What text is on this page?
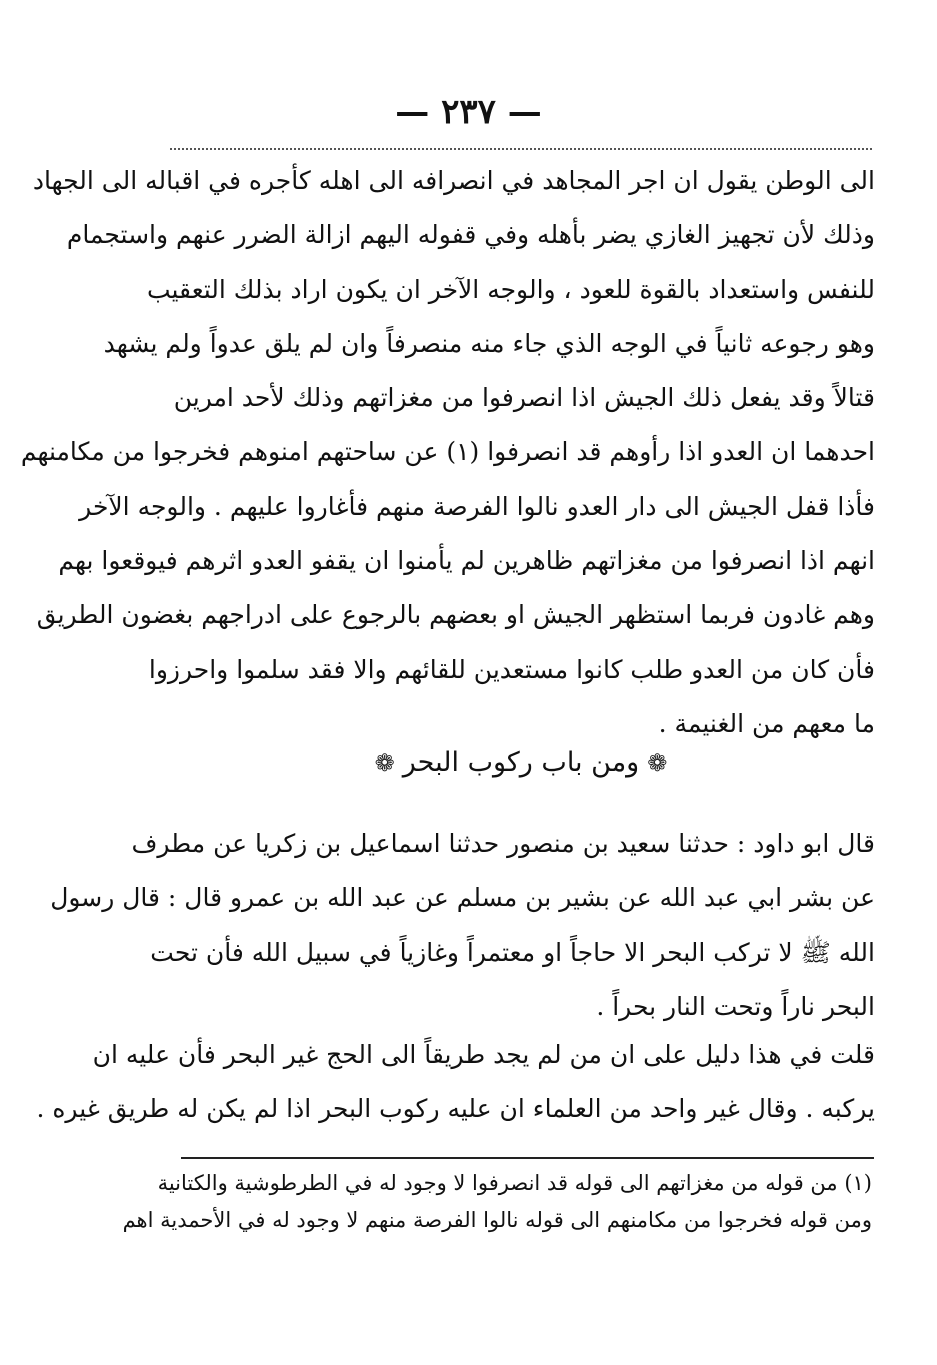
— ٢٣٧ —
الى الوطن يقول ان اجر المجاهد في انصرافه الى اهله كأجره في اقباله الى الجهاد
وذلك لأن تجهيز الغازي يضر بأهله وفي قفوله اليهم ازالة الضرر عنهم واستجمام
للنفس واستعداد بالقوة للعود ، والوجه الآخر ان يكون اراد بذلك التعقيب
وهو رجوعه ثانياً في الوجه الذي جاء منه منصرفاً وان لم يلق عدواً ولم يشهد
قتالاً وقد يفعل ذلك الجيش اذا انصرفوا من مغزاتهم وذلك لأحد امرين
احدهما ان العدو اذا رأوهم قد انصرفوا (١) عن ساحتهم امنوهم فخرجوا من مكامنهم
فأذا قفل الجيش الى دار العدو نالوا الفرصة منهم فأغاروا عليهم . والوجه الآخر
انهم اذا انصرفوا من مغزاتهم ظاهرين لم يأمنوا ان يقفو العدو اثرهم فيوقعوا بهم
وهم غادون فربما استظهر الجيش او بعضهم بالرجوع على ادراجهم بغضون الطريق
فأن كان من العدو طلب كانوا مستعدين للقائهم والا فقد سلموا واحرزوا
ما معهم من الغنيمة .
❁ومن باب ركوب البحر❁
قال ابو داود : حدثنا سعيد بن منصور حدثنا اسماعيل بن زكريا عن مطرف
عن بشر ابي عبد الله عن بشير بن مسلم عن عبد الله بن عمرو قال : قال رسول
الله ﷺ لا تركب البحر الا حاجاً او معتمراً وغازياً في سبيل الله فأن تحت
البحر ناراً وتحت النار بحراً .
قلت في هذا دليل على ان من لم يجد طريقاً الى الحج غير البحر فأن عليه ان
يركبه . وقال غير واحد من العلماء ان عليه ركوب البحر اذا لم يكن له طريق غيره .
(١) من قوله من مغزاتهم الى قوله قد انصرفوا لا وجود له في الطرطوشية والكتانية
ومن قوله فخرجوا من مكامنهم الى قوله نالوا الفرصة منهم لا وجود له في الأحمدية اهم
